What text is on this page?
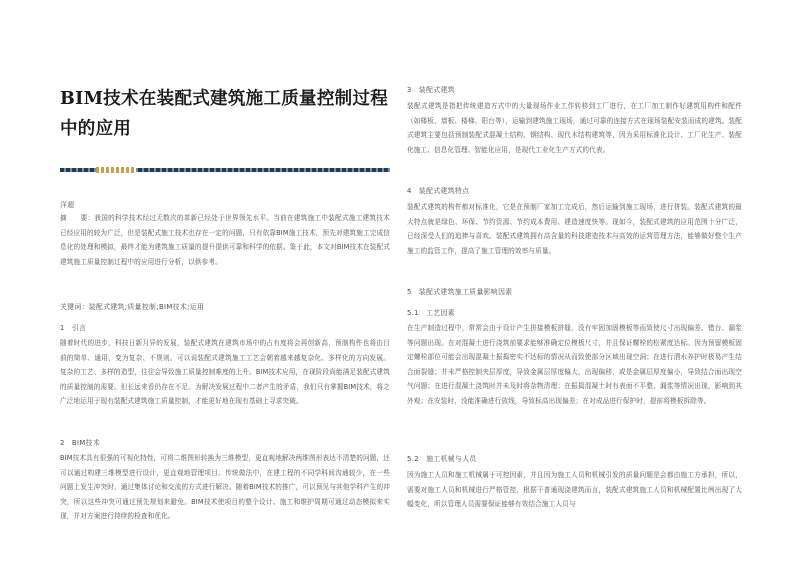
BIM技术在装配式建筑施工质量控制过程中的应用
洋超
摘　　要：我国的科学技术经过无数次的革新已经处于世界领先水平。当前在建筑施工中装配式施工建筑技术已经应用的较为广泛，但是装配式施工技术也存在一定的问题，只有依靠BIM施工技术，预先对建筑施工完成信息化的处理和模拟，最终才能为建筑施工质量的提升提供可靠和科学的依据。鉴于此，本文对BIM技术在装配式建筑施工质量控制过程中的应用进行分析，以供参考。
关键词：装配式建筑;质量控制;BIM技术;运用
1　引言
随着时代的进步，科技日新月异的发展，装配式建筑在建筑市场中的占有度将会再创新高，预制构件也将由目前的简单、通用，变为复杂、不规则。可以说装配式建筑施工工艺会朝着越来越复杂化、多样化的方向发展。复杂的工艺、多样的造型，往往会导致施工质量控制难度的上升。BIM技术应用，在现阶段尚能满足装配式建筑的质量控制的需要。但长远来看仍存在不足。为解决发展过程中二者产生的矛盾，我们只有掌握BIM技术，将之广泛地运用于现有装配式建筑施工质量控制，才能更好地在现有基础上寻求突破。
2　BIM技术
BIM技术具有很强的可视化特性，可将二维图形转换为三维模型，更直观地解决两维图形表达不清楚的问题，还可以通过构建三维模型进行设计，更直观地管理项目。传统做法中，在建工程的不同学科间沟通较少，在一些问题上发生冲突时，通过集体讨论和交流的方式进行解决。随着BIM技术的推广，可以预见与其他学科产生的冲突，所以这些冲突可通过预先规划来避免。BIM技术使项目的整个设计、施工和维护周期可通过动态模拟来实现，并对方案进行持续的检查和优化。
3　装配式建筑
装配式建筑是指把传统建造方式中的大量现场作业工作转移到工厂进行，在工厂加工制作好建筑用构件和配件（如楼板、墙板、楼梯、阳台等），运输到建筑施工现场，通过可靠的连接方式在现场装配安装而成的建筑。装配式建筑主要包括预制装配式混凝土结构、钢结构、现代木结构建筑等，因为采用标准化设计、工厂化生产、装配化施工、信息化管理、智能化应用，是现代工业化生产方式的代表。
4　装配式建筑特点
装配式建筑的构件都对标准化，它是在预制厂家加工完成后，然后运输到施工现场，进行拼装。装配式建筑的最大特点就是绿色、环保、节约资源、节约成本费用、建造速度快等。现如今，装配式建筑的应用范围十分广泛，已经深受人们的追捧与喜欢。装配式建筑拥有高含量的科技建造技术与高效的运营管理方法，能够做好整个生产施工的监管工作，提高了施工管理的效率与质量。
5　装配式建筑施工质量影响因素
5.1　工艺因素
在生产制造过程中，常常会由于设计产生拼接模板拼缝、没有牢固加固模板等而致使尺寸出现偏差、错台、漏浆等问题出现。在对混凝土进行浇筑前要求能够准确定位模板尺寸，并且保证螺栓的松紧度达标。因为预留模板固定螺栓部位可能会出现混凝土振捣密实不达标的情况从而致使部分区域出现空洞；在进行洒水养护时极易产生结合面裂缝；并未严格控制夹层厚度，导致金属层厚度偏大，出现偏移，或是金属层厚度偏小，导致结合面出现空气问题；在进行混凝土浇筑时并未及时将杂物清理；在振捣混凝土时有表面不平整、漏浆等情况出现，影响到其外观；在安装时，没能准确进行放线，导致标高出现偏差；在对成品进行保护时，提前将模板拆除等。
5.2　施工机械与人员
因为施工人员和施工机械属于可控因素，并且因为施工人员和机械引发的质量问题是会都由施工方承担，所以，需要对施工人员和机械进行严格管控，根据干普通现浇建筑而言，装配式建筑施工人员和机械配置比例出现了大幅变化，所以管理人员需要保证能够有效结合施工人员与
